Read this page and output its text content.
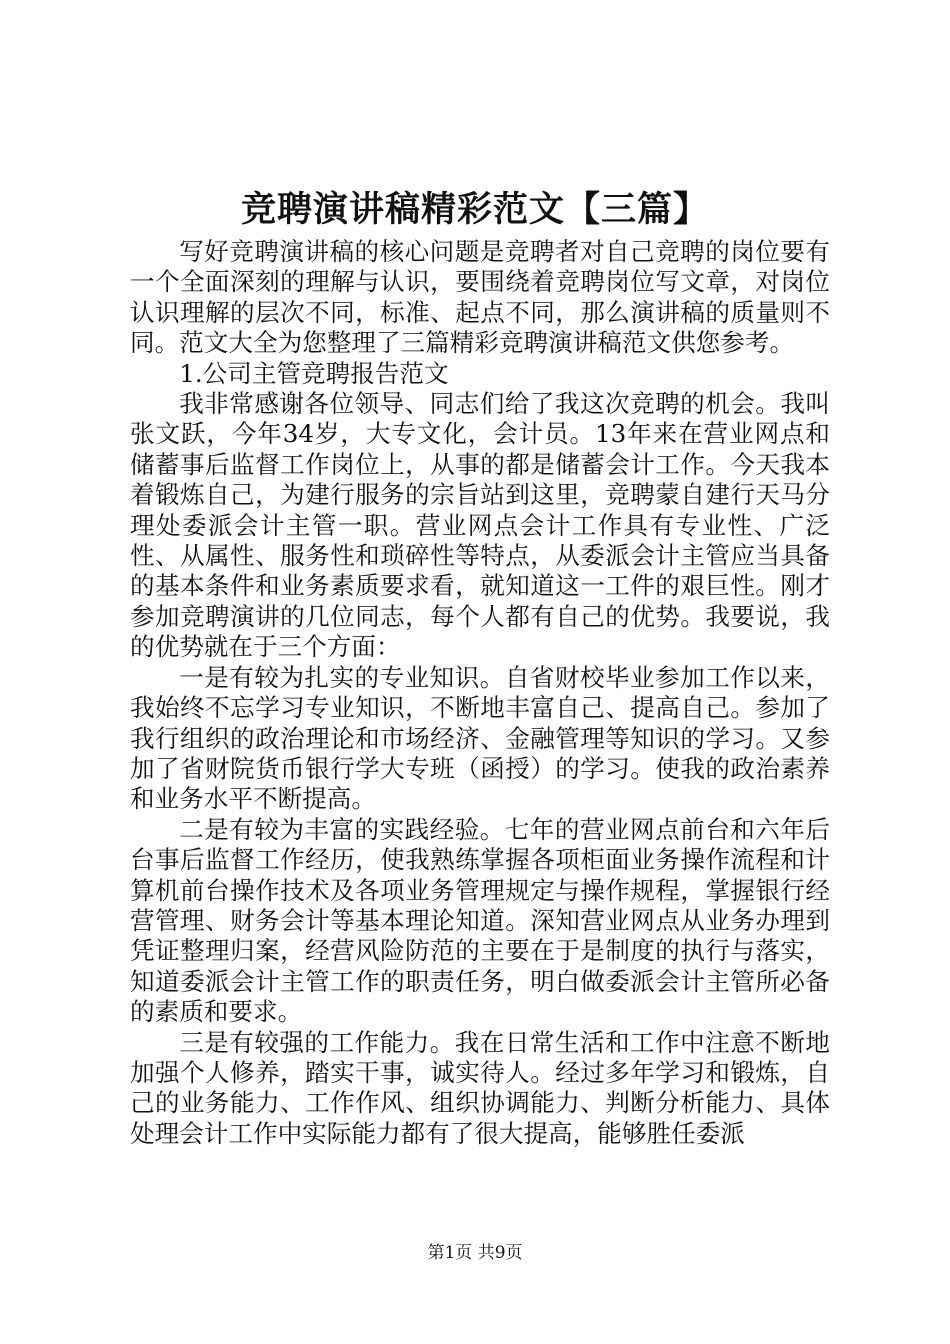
竞聘演讲稿精彩范文【三篇】

写好竞聘演讲稿的核心问题是竞聘者对自己竞聘的岗位要有一个全面深刻的理解与认识，要围绕着竞聘岗位写文章，对岗位认识理解的层次不同，标准、起点不同，那么演讲稿的质量则不同。范文大全为您整理了三篇精彩竞聘演讲稿范文供您参考。

1.公司主管竞聘报告范文

我非常感谢各位领导、同志们给了我这次竞聘的机会。我叫张文跃，今年34岁，大专文化，会计员。13年来在营业网点和储蓄事后监督工作岗位上，从事的都是储蓄会计工作。今天我本着锻炼自己，为建行服务的宗旨站到这里，竞聘蒙自建行天马分理处委派会计主管一职。营业网点会计工作具有专业性、广泛性、从属性、服务性和琐碎性等特点，从委派会计主管应当具备的基本条件和业务素质要求看，就知道这一工件的艰巨性。刚才参加竞聘演讲的几位同志，每个人都有自己的优势。我要说，我的优势就在于三个方面：

一是有较为扎实的专业知识。自省财校毕业参加工作以来，我始终不忘学习专业知识，不断地丰富自己、提高自己。参加了我行组织的政治理论和市场经济、金融管理等知识的学习。又参加了省财院货币银行学大专班（函授）的学习。使我的政治素养和业务水平不断提高。

二是有较为丰富的实践经验。七年的营业网点前台和六年后台事后监督工作经历，使我熟练掌握各项柜面业务操作流程和计算机前台操作技术及各项业务管理规定与操作规程，掌握银行经营管理、财务会计等基本理论知道。深知营业网点从业务办理到凭证整理归案，经营风险防范的主要在于是制度的执行与落实，知道委派会计主管工作的职责任务，明白做委派会计主管所必备的素质和要求。

三是有较强的工作能力。我在日常生活和工作中注意不断地加强个人修养，踏实干事，诚实待人。经过多年学习和锻炼，自己的业务能力、工作作风、组织协调能力、判断分析能力、具体处理会计工作中实际能力都有了很大提高，能够胜任委派

第1页 共9页
